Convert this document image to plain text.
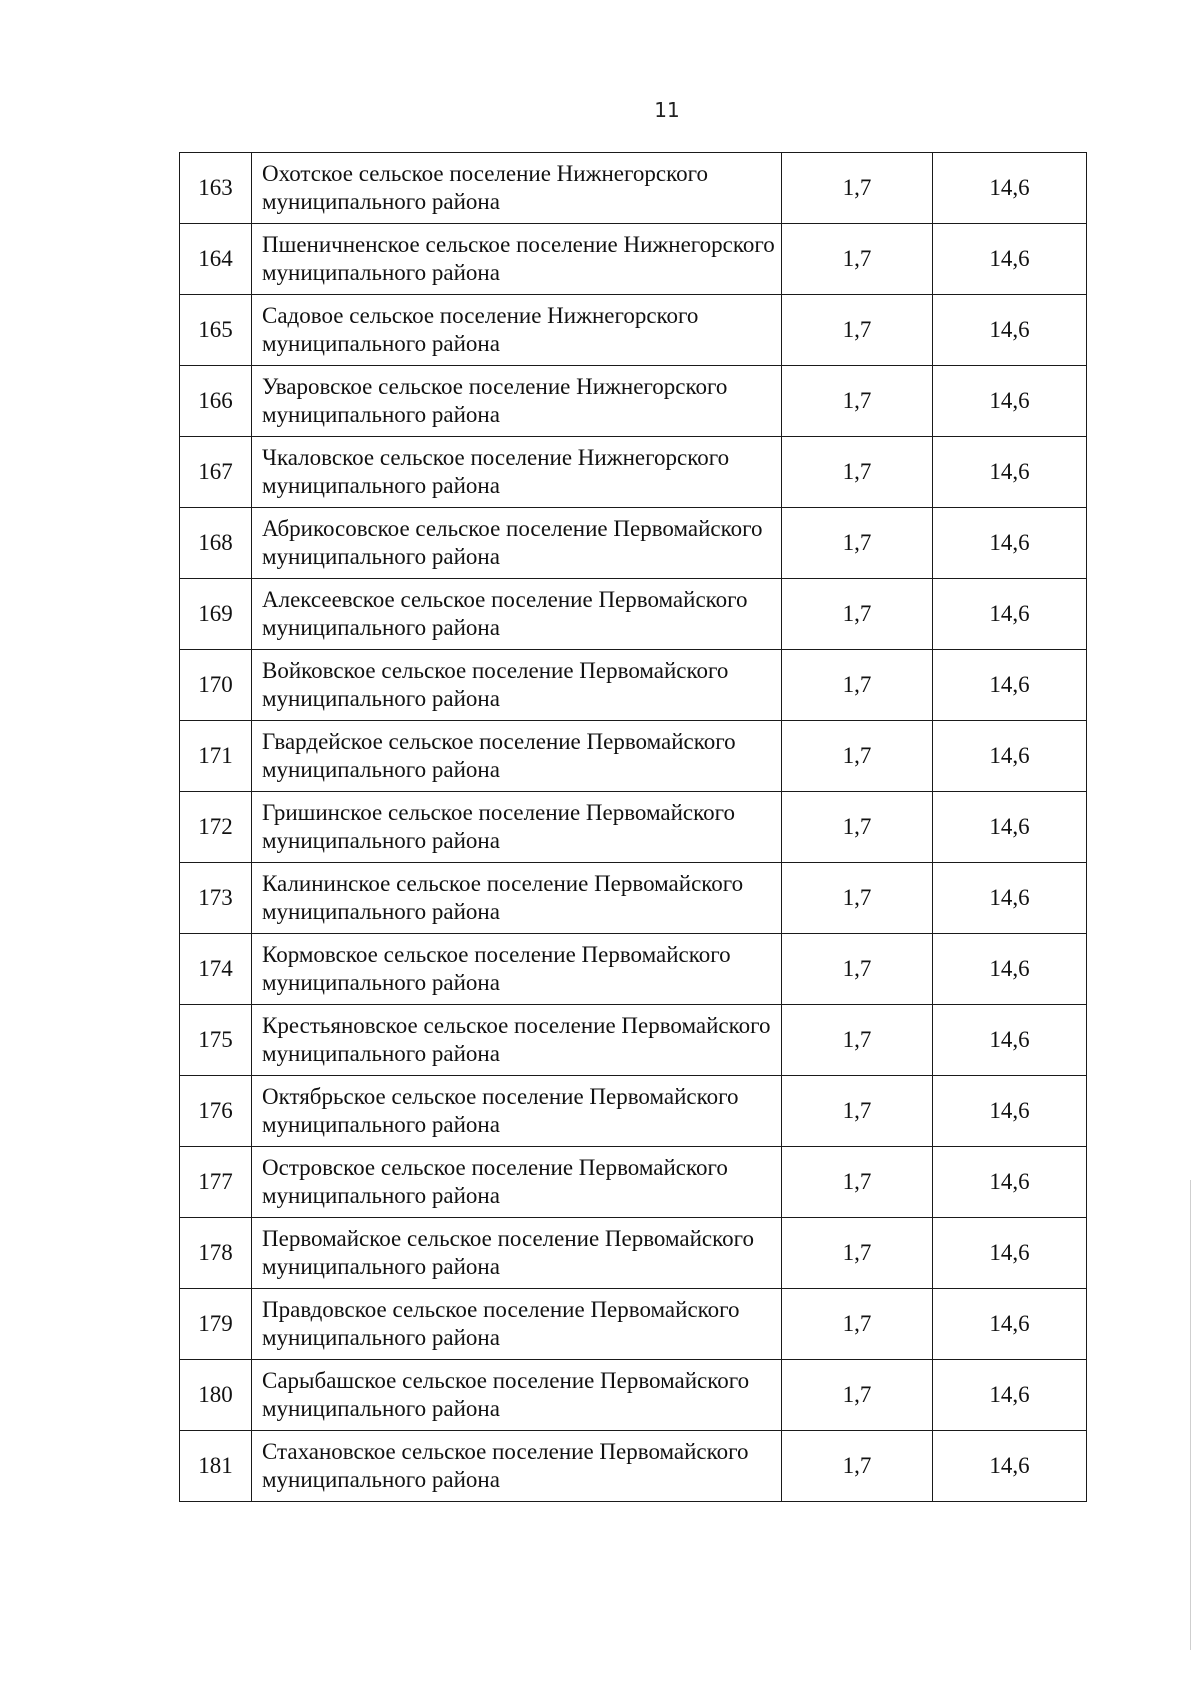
11
163	Охотское сельское поселение Нижнегорского муниципального района	1,7	14,6
164	Пшеничненское сельское поселение Нижнегорского муниципального района	1,7	14,6
165	Садовое сельское поселение Нижнегорского муниципального района	1,7	14,6
166	Уваровское сельское поселение Нижнегорского муниципального района	1,7	14,6
167	Чкаловское сельское поселение Нижнегорского муниципального района	1,7	14,6
168	Абрикосовское сельское поселение Первомайского муниципального района	1,7	14,6
169	Алексеевское сельское поселение Первомайского муниципального района	1,7	14,6
170	Войковское сельское поселение Первомайского муниципального района	1,7	14,6
171	Гвардейское сельское поселение Первомайского муниципального района	1,7	14,6
172	Гришинское сельское поселение Первомайского муниципального района	1,7	14,6
173	Калининское сельское поселение Первомайского муниципального района	1,7	14,6
174	Кормовское сельское поселение Первомайского муниципального района	1,7	14,6
175	Крестьяновское сельское поселение Первомайского муниципального района	1,7	14,6
176	Октябрьское сельское поселение Первомайского муниципального района	1,7	14,6
177	Островское сельское поселение Первомайского муниципального района	1,7	14,6
178	Первомайское сельское поселение Первомайского муниципального района	1,7	14,6
179	Правдовское сельское поселение Первомайского муниципального района	1,7	14,6
180	Сарыбашское сельское поселение Первомайского муниципального района	1,7	14,6
181	Стахановское сельское поселение Первомайского муниципального района	1,7	14,6
